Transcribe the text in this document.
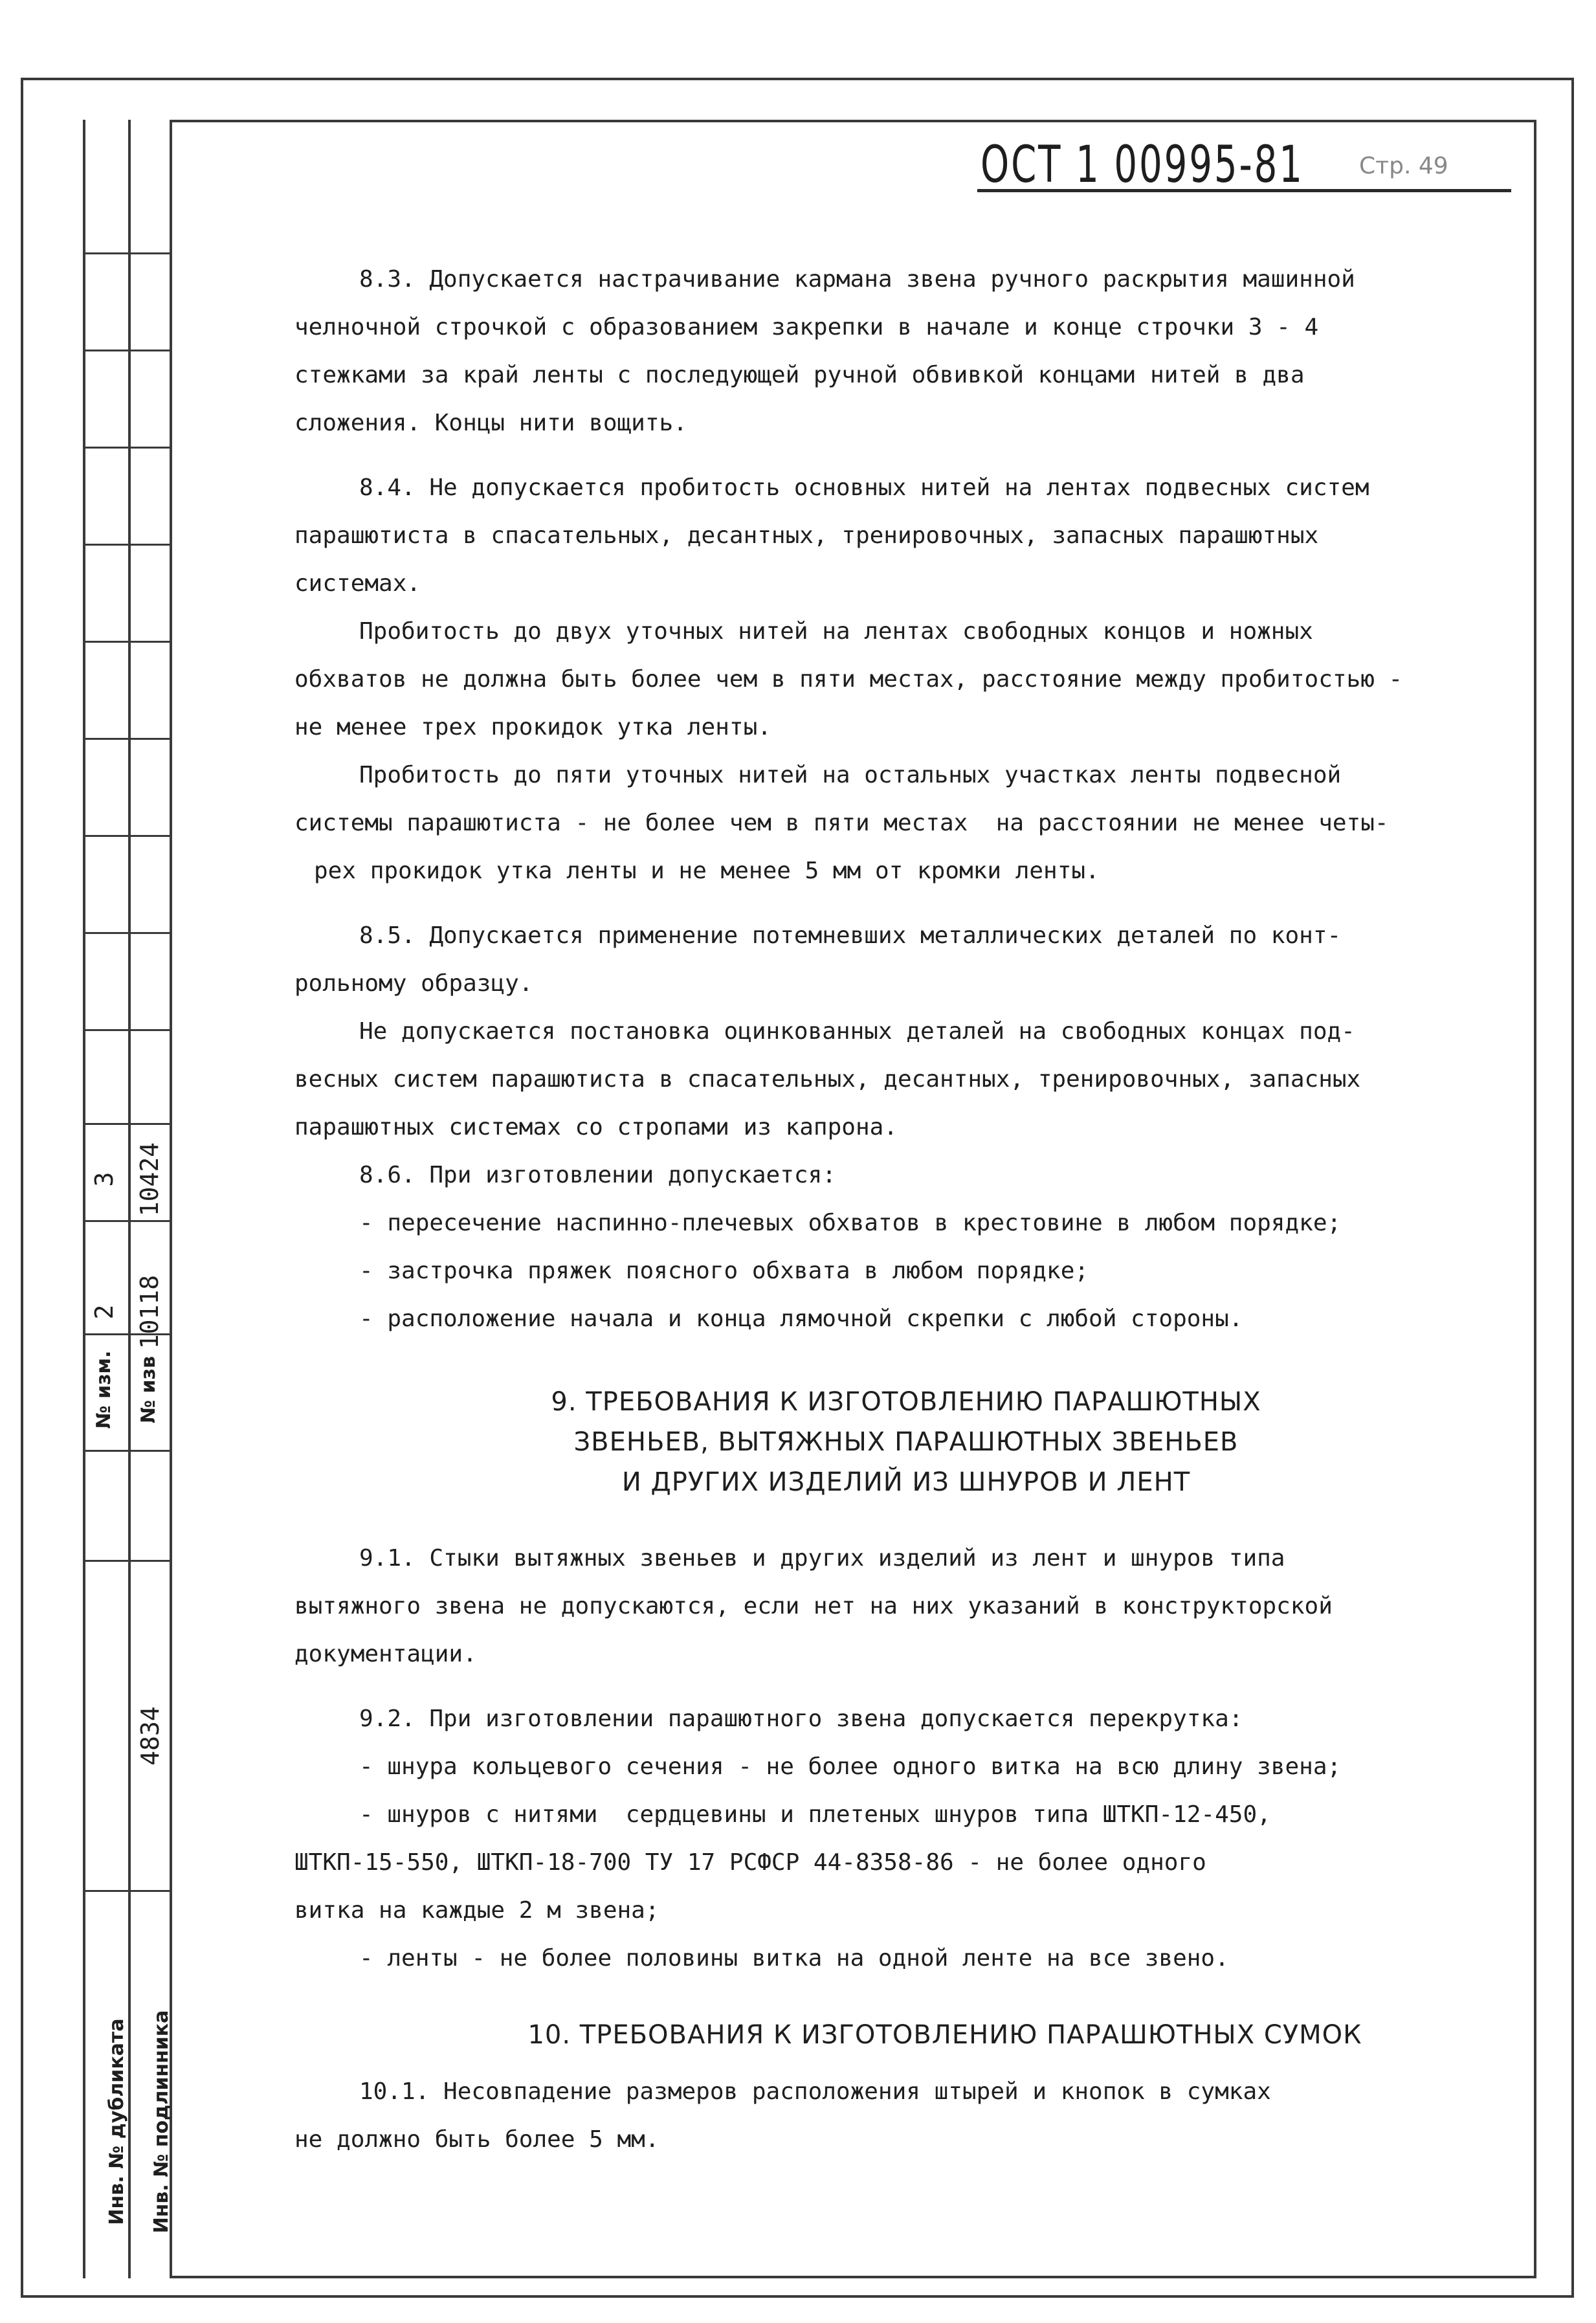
№ изм. № изв
2 10118
3 10424
4834
Инв. № дубликата Инв. № подлинника
ОСТ 1 00995-81 Стр. 49

8.3. Допускается настрачивание кармана звена ручного раскрытия машинной

челночной строчкой с образованием закрепки в начале и конце строчки 3 - 4

стежками за край ленты с последующей ручной обвивкой концами нитей в два

сложения. Концы нити вощить.

8.4. Не допускается пробитость основных нитей на лентах подвесных систем

парашютиста в спасательных, десантных, тренировочных, запасных парашютных

системах.

Пробитость до двух уточных нитей на лентах свободных концов и ножных

обхватов не должна быть более чем в пяти местах, расстояние между пробитостью -

не менее трех прокидок утка ленты.

Пробитость до пяти уточных нитей на остальных участках ленты подвесной

системы парашютиста - не более чем в пяти местах  на расстоянии не менее четы-

рех прокидок утка ленты и не менее 5 мм от кромки ленты.

8.5. Допускается применение потемневших металлических деталей по конт-

рольному образцу.

Не допускается постановка оцинкованных деталей на свободных концах под-

весных систем парашютиста в спасательных, десантных, тренировочных, запасных

парашютных системах со стропами из капрона.

8.6. При изготовлении допускается:

- пересечение наспинно-плечевых обхватов в крестовине в любом порядке;

- застрочка пряжек поясного обхвата в любом порядке;

- расположение начала и конца лямочной скрепки с любой стороны.

9. ТРЕБОВАНИЯ К ИЗГОТОВЛЕНИЮ ПАРАШЮТНЫХ
ЗВЕНЬЕВ, ВЫТЯЖНЫХ ПАРАШЮТНЫХ ЗВЕНЬЕВ
И ДРУГИХ ИЗДЕЛИЙ ИЗ ШНУРОВ И ЛЕНТ

9.1. Стыки вытяжных звеньев и других изделий из лент и шнуров типа

вытяжного звена не допускаются, если нет на них указаний в конструкторской

документации.

9.2. При изготовлении парашютного звена допускается перекрутка:

- шнура кольцевого сечения - не более одного витка на всю длину звена;

- шнуров с нитями  сердцевины и плетеных шнуров типа ШТКП-12-450,

ШТКП-15-550, ШТКП-18-700 ТУ 17 РСФСР 44-8358-86 - не более одного

витка на каждые 2 м звена;

- ленты - не более половины витка на одной ленте на все звено.

10. ТРЕБОВАНИЯ К ИЗГОТОВЛЕНИЮ ПАРАШЮТНЫХ СУМОК

10.1. Несовпадение размеров расположения штырей и кнопок в сумках

не должно быть более 5 мм.
